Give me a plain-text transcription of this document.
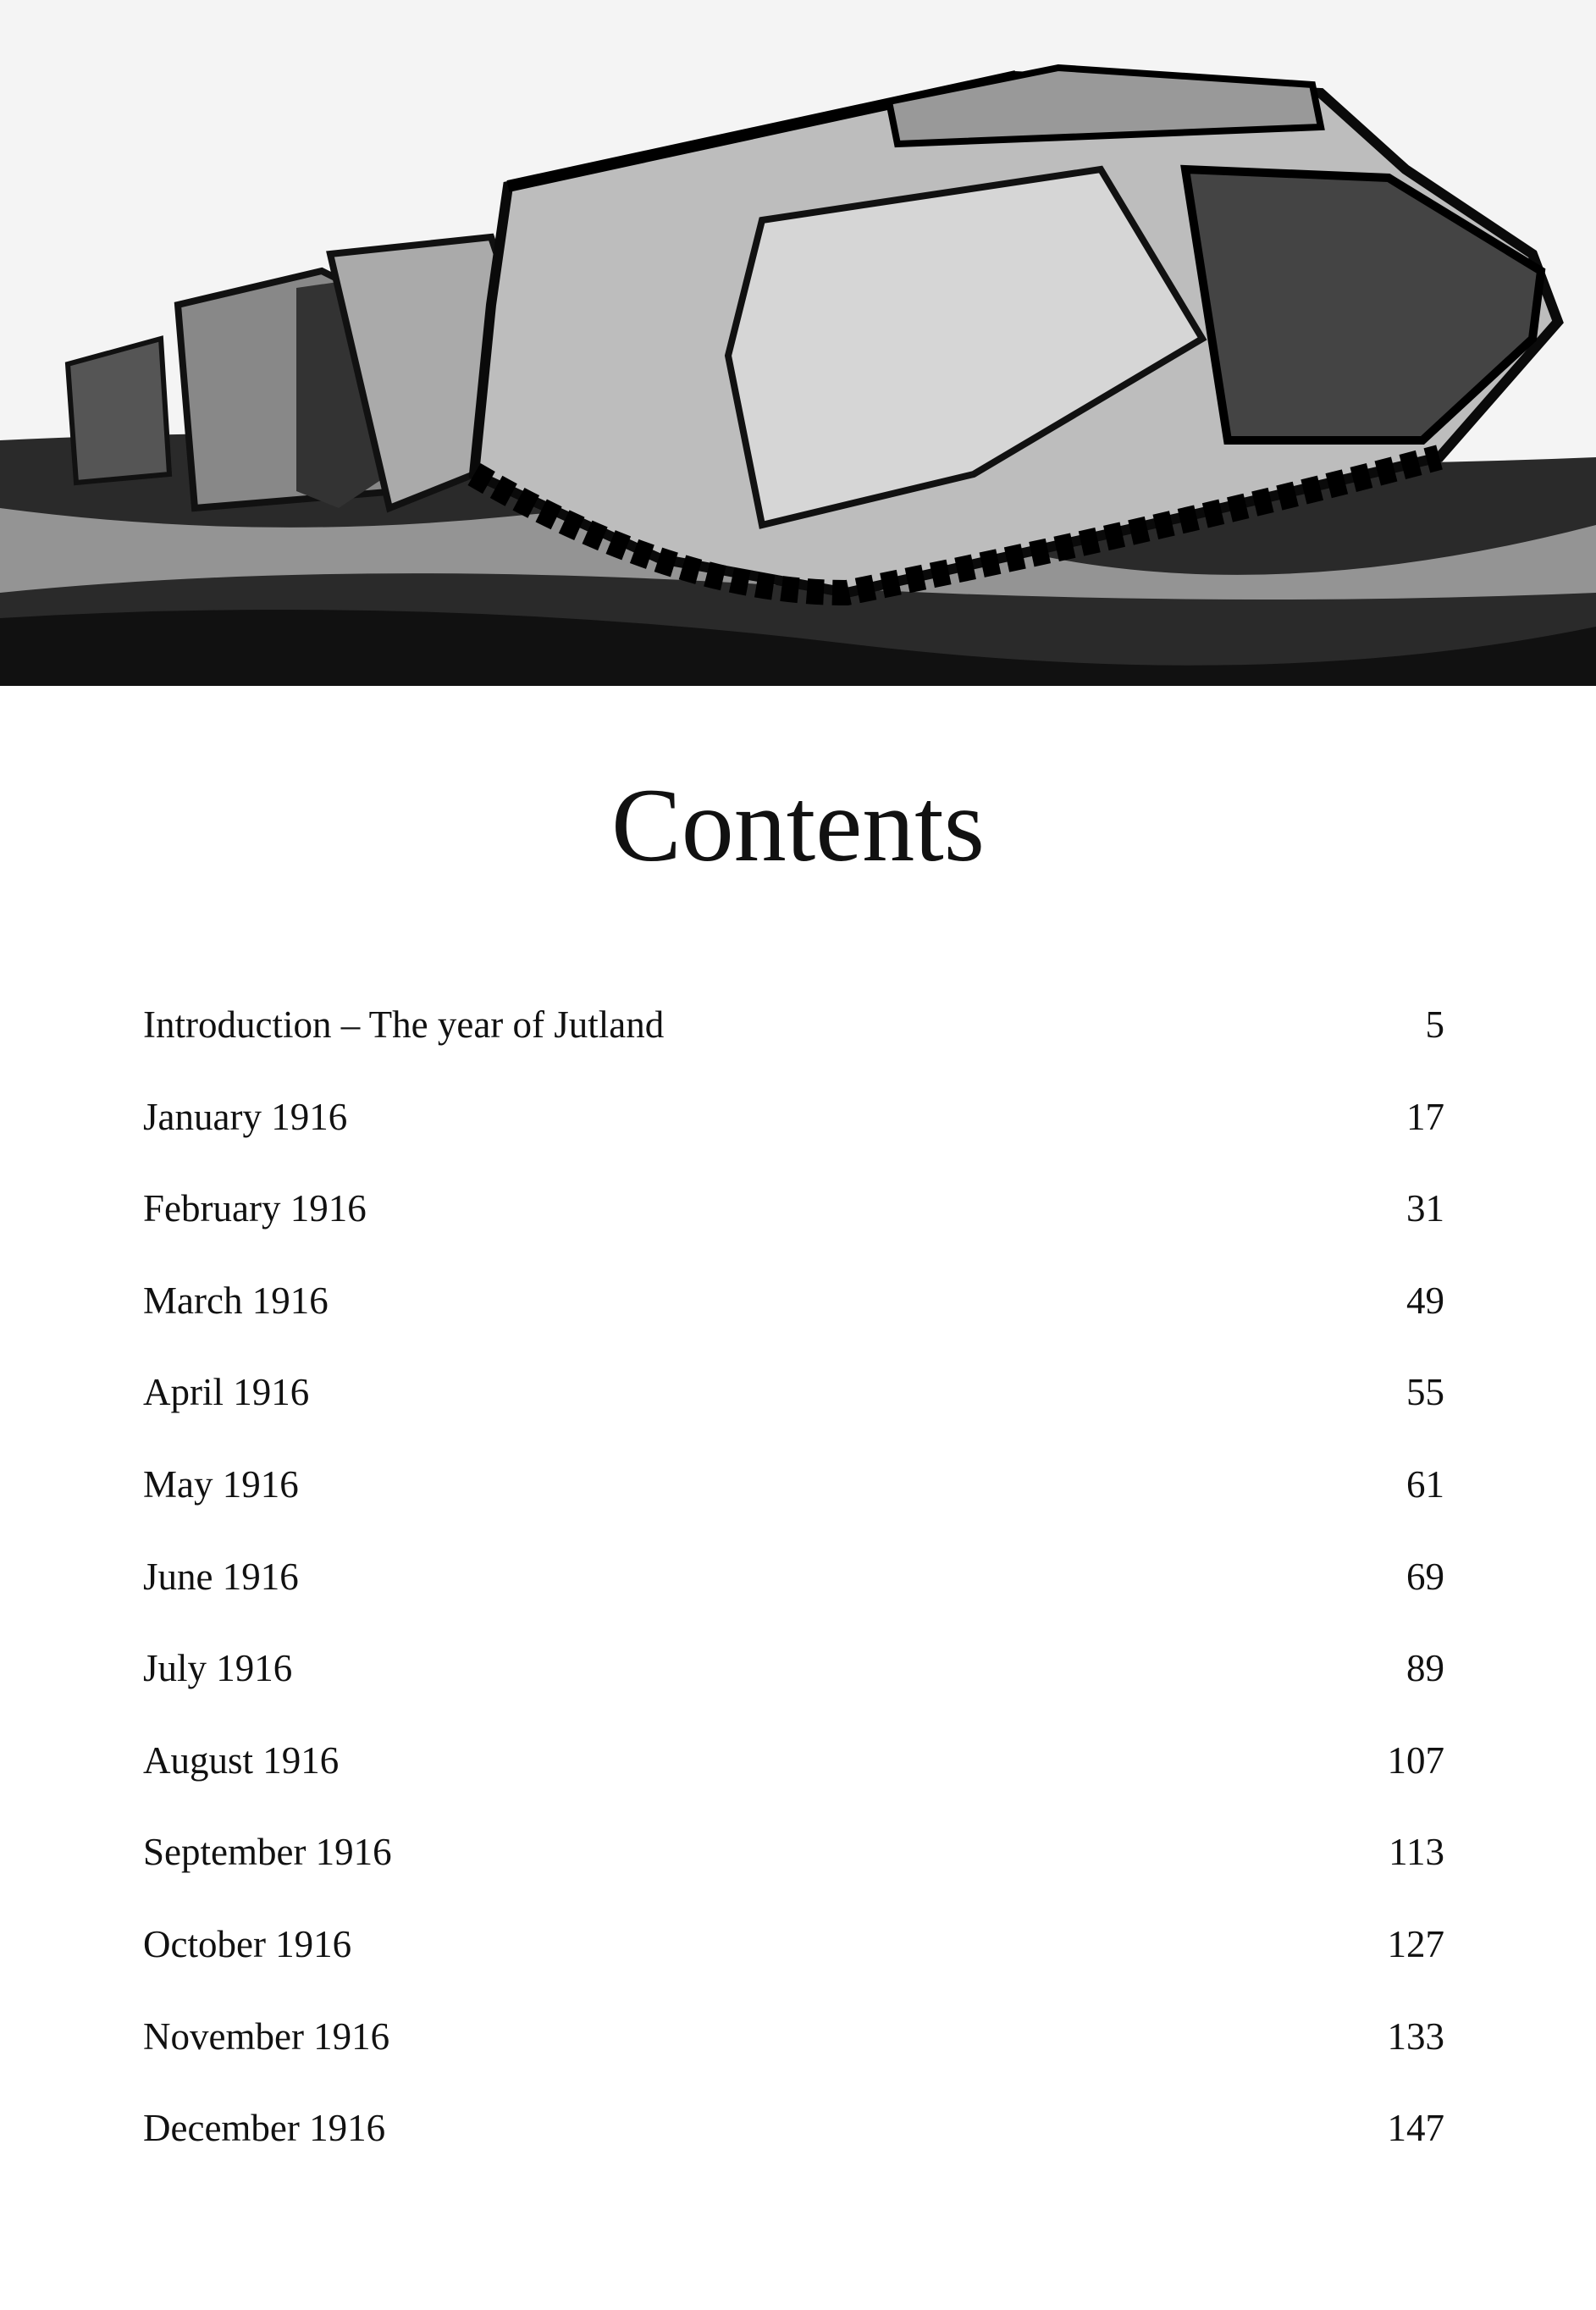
Contents
Introduction – The year of Jutland	5
January 1916	17
February 1916	31
March 1916	49
April 1916	55
May 1916	61
June 1916	69
July 1916	89
August 1916	107
September 1916	113
October 1916	127
November 1916	133
December 1916	147
